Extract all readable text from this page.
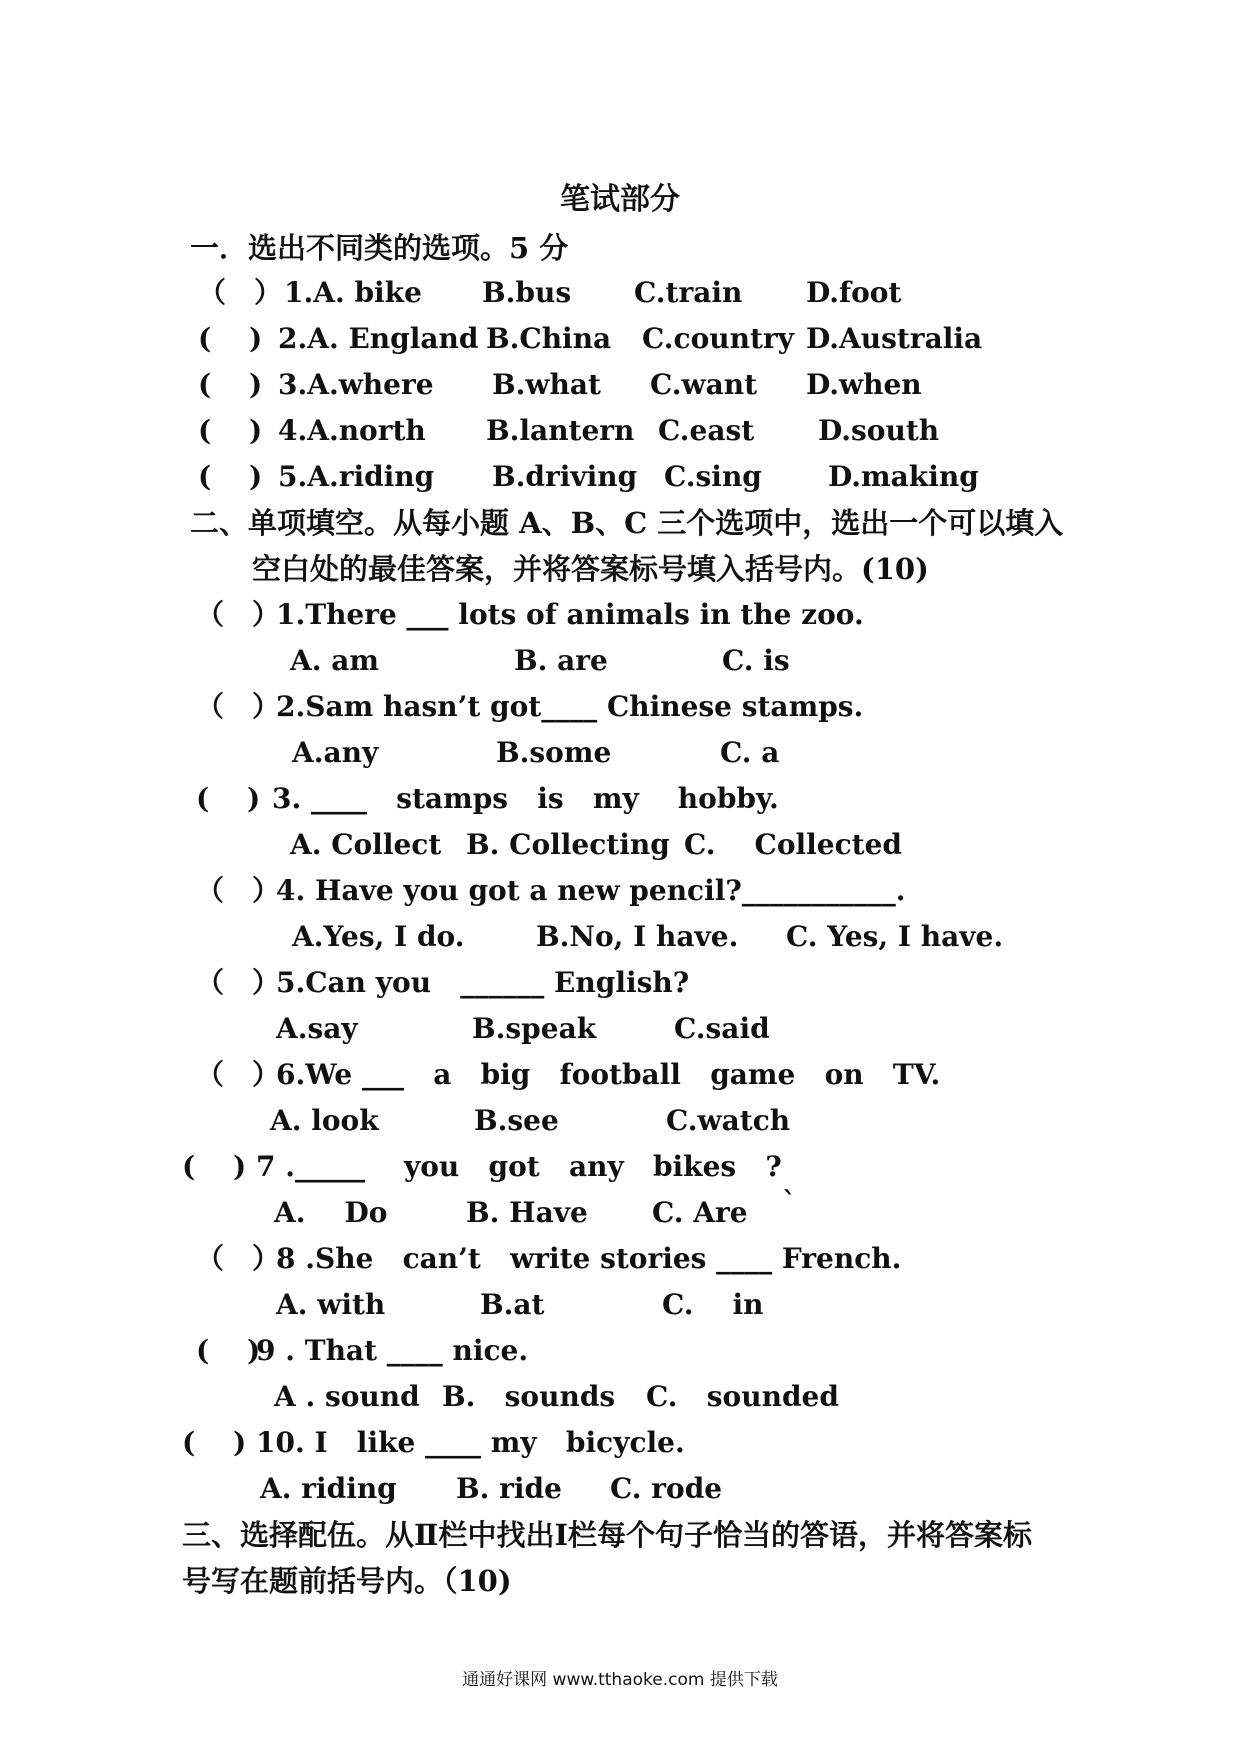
笔试部分
一．选出不同类的选项。5 分
（　） 1.A. bike B.bus C.train D.foot
(　 ) 2.A. England B.China C.country D.Australia
(　 ) 3.A.where B.what C.want D.when
(　 ) 4.A.north B.lantern C.east D.south
(　 ) 5.A.riding B.driving C.sing D.making
二、单项填空。从每小题 A、B、C 三个选项中，选出一个可以填入
空白处的最佳答案，并将答案标号填入括号内。(10)
（　）
1.There ___ lots of animals in the zoo.
A. am	B. are	C. is
（　）
2.Sam hasn’t got____ Chinese stamps.
A.any	B.some	C. a
(　 ) 3. ____   stamps   is   my    hobby.
A. Collect B. Collecting C.    Collected
（　）
4. Have you got a new pencil?___________.
A.Yes, I do.	B.No, I have. C. Yes, I have.
（　）
5.Can you   ______ English?
A.say	B.speak	C.said
（　）
6.We ___   a   big   football   game   on   TV.
A. look	B.see	C.watch
(　 ) 7 ._____    you   got   any   bikes   ?
A.    Do	B. Have C. Are `
（　）
8 .She   can’t   write stories ____ French.
A. with	B.at	C.    in
(　 )
9 . That ____ nice.
A . sound B.   sounds C.   sounded
(　 ) 10. I   like ____ my   bicycle.
A. riding B. ride C. rode
三、选择配伍。从Ⅱ栏中找出Ⅰ栏每个句子恰当的答语，并将答案标
号写在题前括号内。（10)
通通好课网 www.tthaoke.com 提供下载
